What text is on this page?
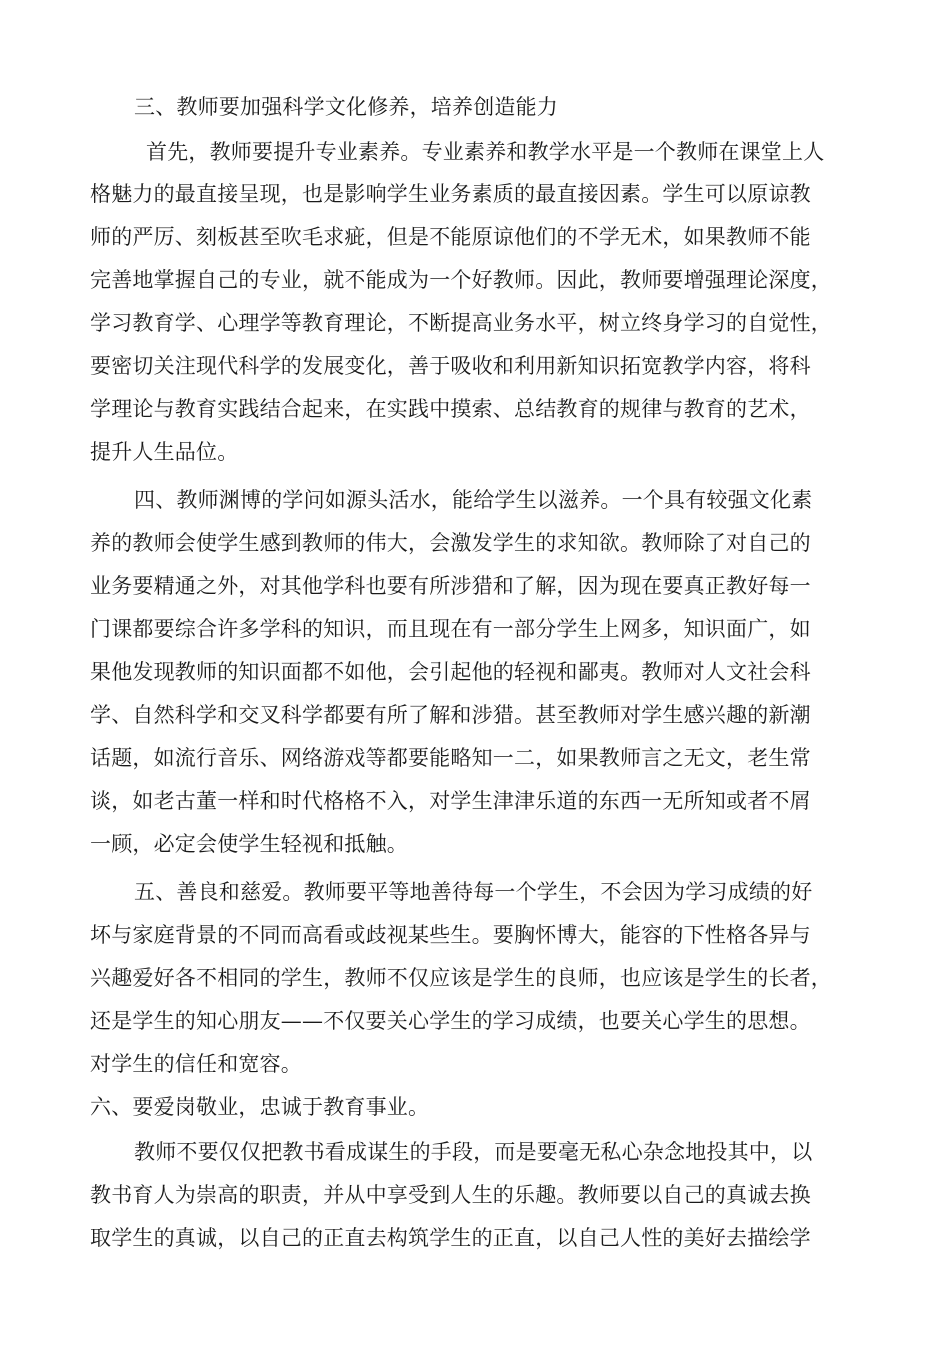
三、教师要加强科学文化修养，培养创造能力
首先，教师要提升专业素养。专业素养和教学水平是一个教师在课堂上人
格魅力的最直接呈现，也是影响学生业务素质的最直接因素。学生可以原谅教
师的严厉、刻板甚至吹毛求疵，但是不能原谅他们的不学无术，如果教师不能
完善地掌握自己的专业，就不能成为一个好教师。因此，教师要增强理论深度，
学习教育学、心理学等教育理论，不断提高业务水平，树立终身学习的自觉性，
要密切关注现代科学的发展变化，善于吸收和利用新知识拓宽教学内容，将科
学理论与教育实践结合起来，在实践中摸索、总结教育的规律与教育的艺术，
提升人生品位。
四、教师渊博的学问如源头活水，能给学生以滋养。一个具有较强文化素
养的教师会使学生感到教师的伟大，会激发学生的求知欲。教师除了对自己的
业务要精通之外，对其他学科也要有所涉猎和了解，因为现在要真正教好每一
门课都要综合许多学科的知识，而且现在有一部分学生上网多，知识面广，如
果他发现教师的知识面都不如他，会引起他的轻视和鄙夷。教师对人文社会科
学、自然科学和交叉科学都要有所了解和涉猎。甚至教师对学生感兴趣的新潮
话题，如流行音乐、网络游戏等都要能略知一二，如果教师言之无文，老生常
谈，如老古董一样和时代格格不入，对学生津津乐道的东西一无所知或者不屑
一顾，必定会使学生轻视和抵触。
五、善良和慈爱。教师要平等地善待每一个学生，不会因为学习成绩的好
坏与家庭背景的不同而高看或歧视某些生。要胸怀博大，能容的下性格各异与
兴趣爱好各不相同的学生，教师不仅应该是学生的良师，也应该是学生的长者，
还是学生的知心朋友——不仅要关心学生的学习成绩，也要关心学生的思想。
对学生的信任和宽容。
六、要爱岗敬业，忠诚于教育事业。
教师不要仅仅把教书看成谋生的手段，而是要毫无私心杂念地投其中，以
教书育人为崇高的职责，并从中享受到人生的乐趣。教师要以自己的真诚去换
取学生的真诚，以自己的正直去构筑学生的正直，以自己人性的美好去描绘学
